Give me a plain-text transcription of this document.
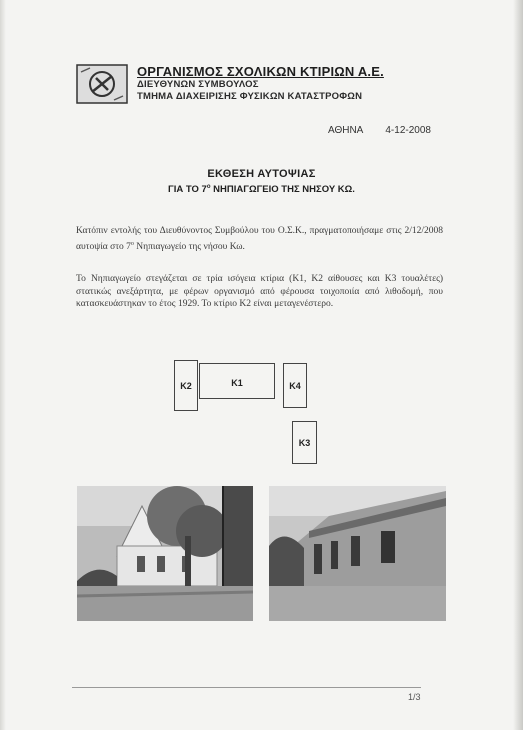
ΟΡΓΑΝΙΣΜΟΣ ΣΧΟΛΙΚΩΝ ΚΤΙΡΙΩΝ Α.Ε.
ΔΙΕΥΘΥΝΩΝ ΣΥΜΒΟΥΛΟΣ
ΤΜΗΜΑ ΔΙΑΧΕΙΡΙΣΗΣ ΦΥΣΙΚΩΝ ΚΑΤΑΣΤΡΟΦΩΝ
ΑΘΗΝΑ 4-12-2008
ΕΚΘΕΣΗ ΑΥΤΟΨΙΑΣ
ΓΙΑ ΤΟ $7^o$ ΝΗΠΙΑΓΩΓΕΙΟ ΤΗΣ ΝΗΣΟΥ ΚΩ.
Κατόπιν εντολής του Διευθύνοντος Συμβούλου του Ο.Σ.Κ., πραγματοποιήσαμε στις 2/12/2008 αυτοψία στο $7^o$ Νηπιαγωγείο της νήσου Κω.
Το Νηπιαγωγείο στεγάζεται σε τρία ισόγεια κτίρια (Κ1, Κ2 αίθουσες και Κ3 τουαλέτες) στατικώς ανεξάρτητα, με φέρων οργανισμό από φέρουσα τοιχοποιία από λιθοδομή, που κατασκευάστηκαν το έτος 1929. Το κτίριο Κ2 είναι μεταγενέστερο.
Κ2	Κ1	Κ4
Κ3
1/3
